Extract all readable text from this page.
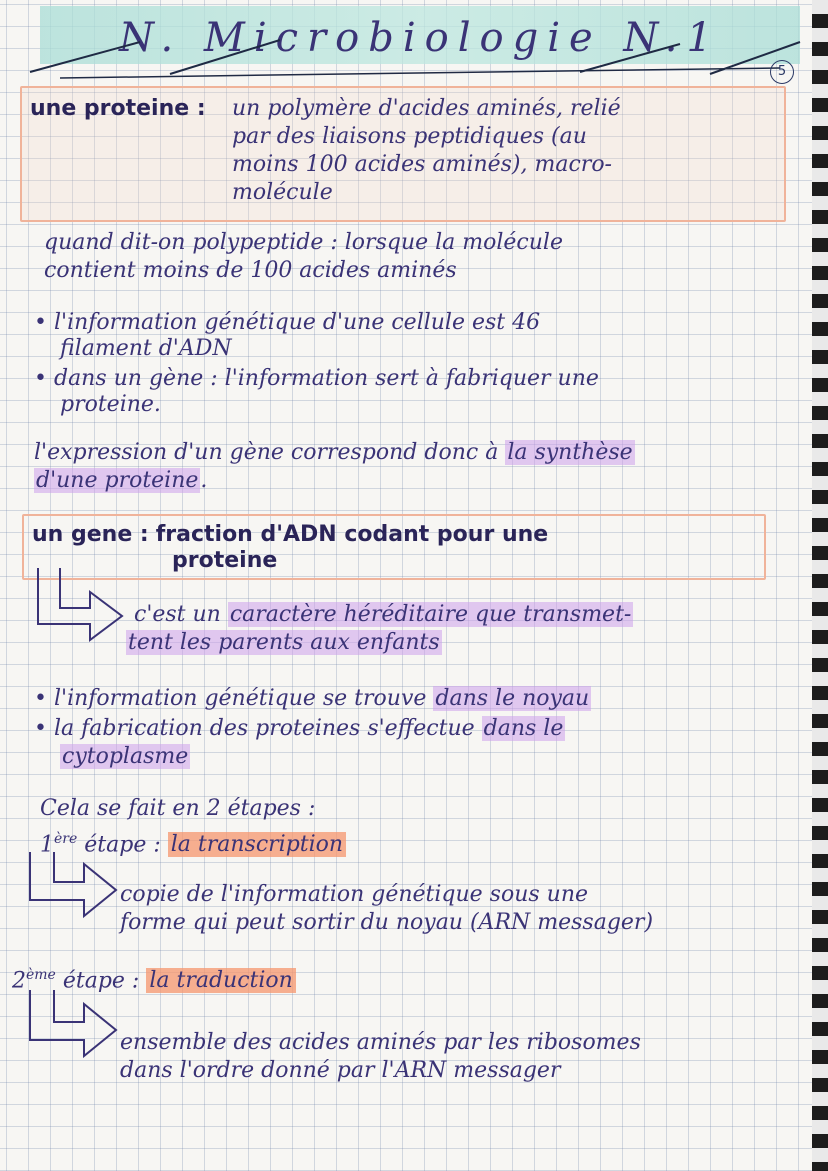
N. Microbiologie N.1
5
une proteine : un polymère d'acides aminés, relié
par des liaisons peptidiques (au
moins 100 acides aminés), macro-
molécule
quand dit-on polypeptide : lorsque la molécule
contient moins de 100 acides aminés
• l'information génétique d'une cellule est 46
filament d'ADN
• dans un gène : l'information sert à fabriquer une
proteine.
l'expression d'un gène correspond donc à la synthèse
d'une proteine.
un gene : fraction d'ADN codant pour une
proteine
c'est un caractère héréditaire que transmet-
tent les parents aux enfants
• l'information génétique se trouve dans le noyau
• la fabrication des proteines s'effectue dans le
cytoplasme
Cela se fait en 2 étapes :
1ère étape : la transcription
copie de l'information génétique sous une
forme qui peut sortir du noyau (ARN messager)
2ème étape : la traduction
ensemble des acides aminés par les ribosomes
dans l'ordre donné par l'ARN messager
